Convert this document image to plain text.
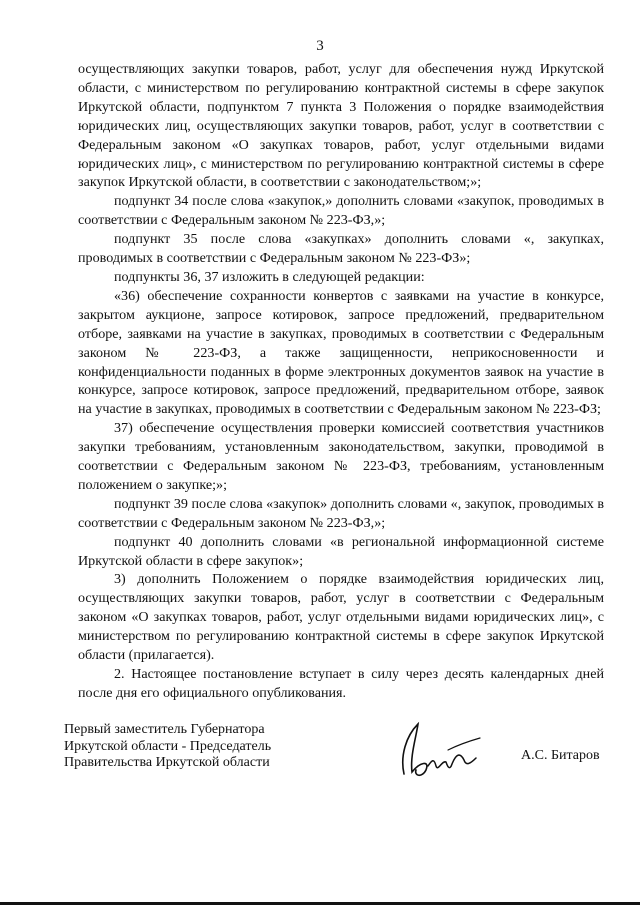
3

осуществляющих закупки товаров, работ, услуг для обеспечения нужд Иркутской области, с министерством по регулированию контрактной системы в сфере закупок Иркутской области, подпунктом 7 пункта 3 Положения о порядке взаимодействия юридических лиц, осуществляющих закупки товаров, работ, услуг в соответствии с Федеральным законом «О закупках товаров, работ, услуг отдельными видами юридических лиц», с министерством по регулированию контрактной системы в сфере закупок Иркутской области, в соответствии с законодательством;»;

подпункт 34 после слова «закупок,» дополнить словами «закупок, проводимых в соответствии с Федеральным законом № 223-ФЗ,»;

подпункт 35 после слова «закупках» дополнить словами «, закупках, проводимых в соответствии с Федеральным законом № 223-ФЗ»;

подпункты 36, 37 изложить в следующей редакции:

«36) обеспечение сохранности конвертов с заявками на участие в конкурсе, закрытом аукционе, запросе котировок, запросе предложений, предварительном отборе, заявками на участие в закупках, проводимых в соответствии с Федеральным законом № 223-ФЗ, а также защищенности, неприкосновенности и конфиденциальности поданных в форме электронных документов заявок на участие в конкурсе, запросе котировок, запросе предложений, предварительном отборе, заявок на участие в закупках, проводимых в соответствии с Федеральным законом № 223-ФЗ;

37) обеспечение осуществления проверки комиссией соответствия участников закупки требованиям, установленным законодательством, закупки, проводимой в соответствии с Федеральным законом № 223-ФЗ, требованиям, установленным положением о закупке;»;

подпункт 39 после слова «закупок» дополнить словами «, закупок, проводимых в соответствии с Федеральным законом № 223-ФЗ,»;

подпункт 40 дополнить словами «в региональной информационной системе Иркутской области в сфере закупок»;

3) дополнить Положением о порядке взаимодействия юридических лиц, осуществляющих закупки товаров, работ, услуг в соответствии с Федеральным законом «О закупках товаров, работ, услуг отдельными видами юридических лиц», с министерством по регулированию контрактной системы в сфере закупок Иркутской области (прилагается).

2. Настоящее постановление вступает в силу через десять календарных дней после дня его официального опубликования.

Первый заместитель Губернатора
Иркутской области - Председатель
Правительства Иркутской области	А.С. Битаров
